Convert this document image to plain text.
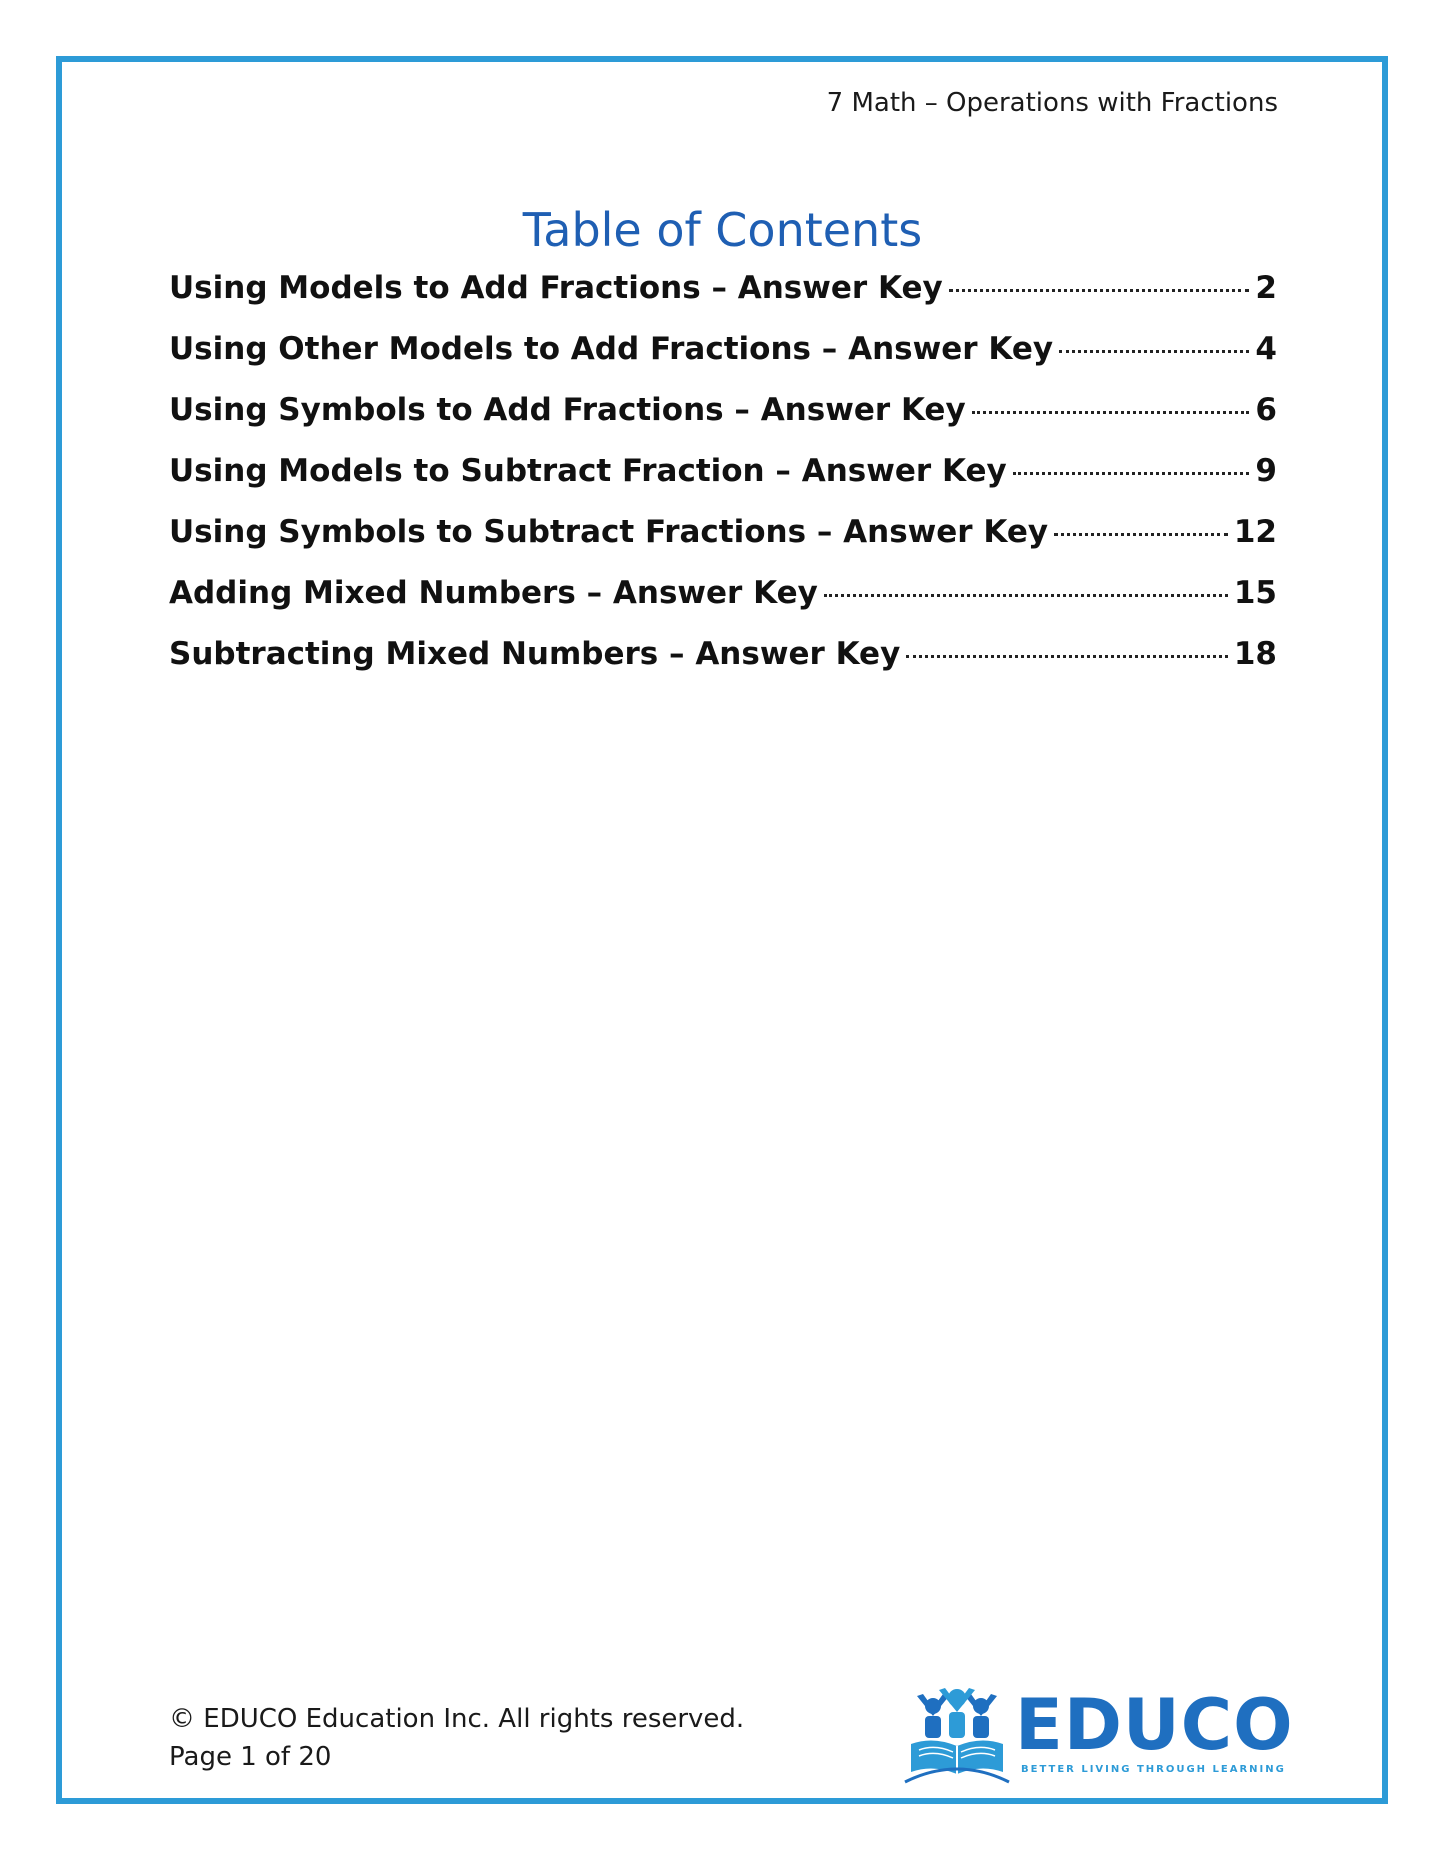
7 Math – Operations with Fractions
Table of Contents
Using Models to Add Fractions – Answer Key	2
Using Other Models to Add Fractions – Answer Key	4
Using Symbols to Add Fractions – Answer Key	6
Using Models to Subtract Fraction – Answer Key	9
Using Symbols to Subtract Fractions – Answer Key	12
Adding Mixed Numbers – Answer Key	15
Subtracting Mixed Numbers – Answer Key	18
© EDUCO Education Inc. All rights reserved.
Page 1 of 20	EDUCO
BETTER LIVING THROUGH LEARNING
